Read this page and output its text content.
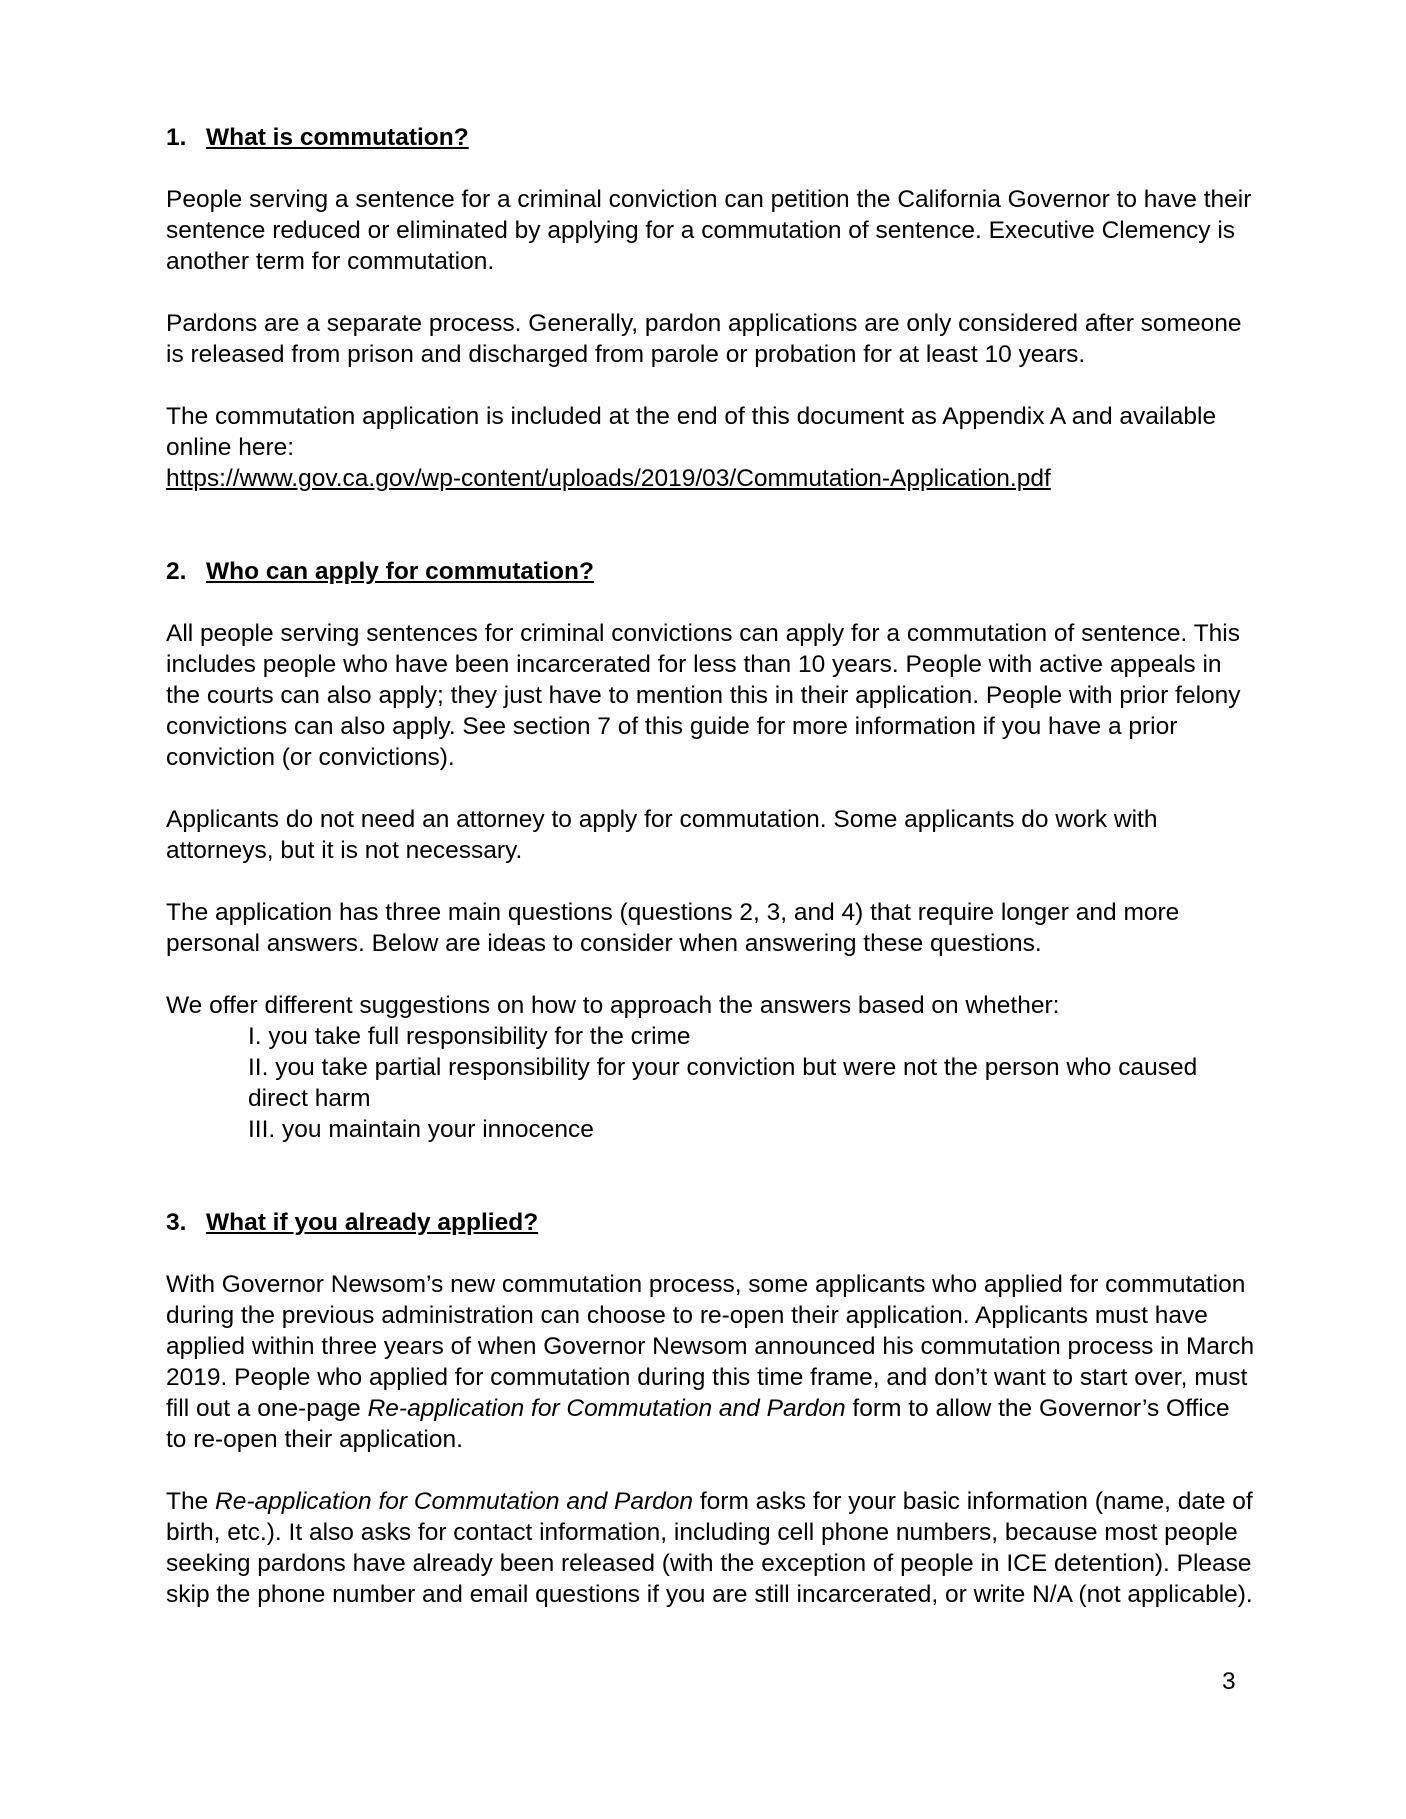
1. What is commutation?

People serving a sentence for a criminal conviction can petition the California Governor to have their sentence reduced or eliminated by applying for a commutation of sentence. Executive Clemency is another term for commutation.

Pardons are a separate process. Generally, pardon applications are only considered after someone is released from prison and discharged from parole or probation for at least 10 years.

The commutation application is included at the end of this document as Appendix A and available online here:
https://www.gov.ca.gov/wp-content/uploads/2019/03/Commutation-Application.pdf

2. Who can apply for commutation?

All people serving sentences for criminal convictions can apply for a commutation of sentence. This includes people who have been incarcerated for less than 10 years. People with active appeals in the courts can also apply; they just have to mention this in their application. People with prior felony convictions can also apply. See section 7 of this guide for more information if you have a prior conviction (or convictions).

Applicants do not need an attorney to apply for commutation. Some applicants do work with attorneys, but it is not necessary.

The application has three main questions (questions 2, 3, and 4) that require longer and more personal answers. Below are ideas to consider when answering these questions.

We offer different suggestions on how to approach the answers based on whether:

I. you take full responsibility for the crime
II. you take partial responsibility for your conviction but were not the person who caused direct harm
III. you maintain your innocence
3. What if you already applied?

With Governor Newsom’s new commutation process, some applicants who applied for commutation during the previous administration can choose to re-open their application. Applicants must have applied within three years of when Governor Newsom announced his commutation process in March 2019. People who applied for commutation during this time frame, and don’t want to start over, must fill out a one-page Re-application for Commutation and Pardon form to allow the Governor’s Office to re-open their application.

The Re-application for Commutation and Pardon form asks for your basic information (name, date of birth, etc.). It also asks for contact information, including cell phone numbers, because most people seeking pardons have already been released (with the exception of people in ICE detention). Please skip the phone number and email questions if you are still incarcerated, or write N/A (not applicable).

3
